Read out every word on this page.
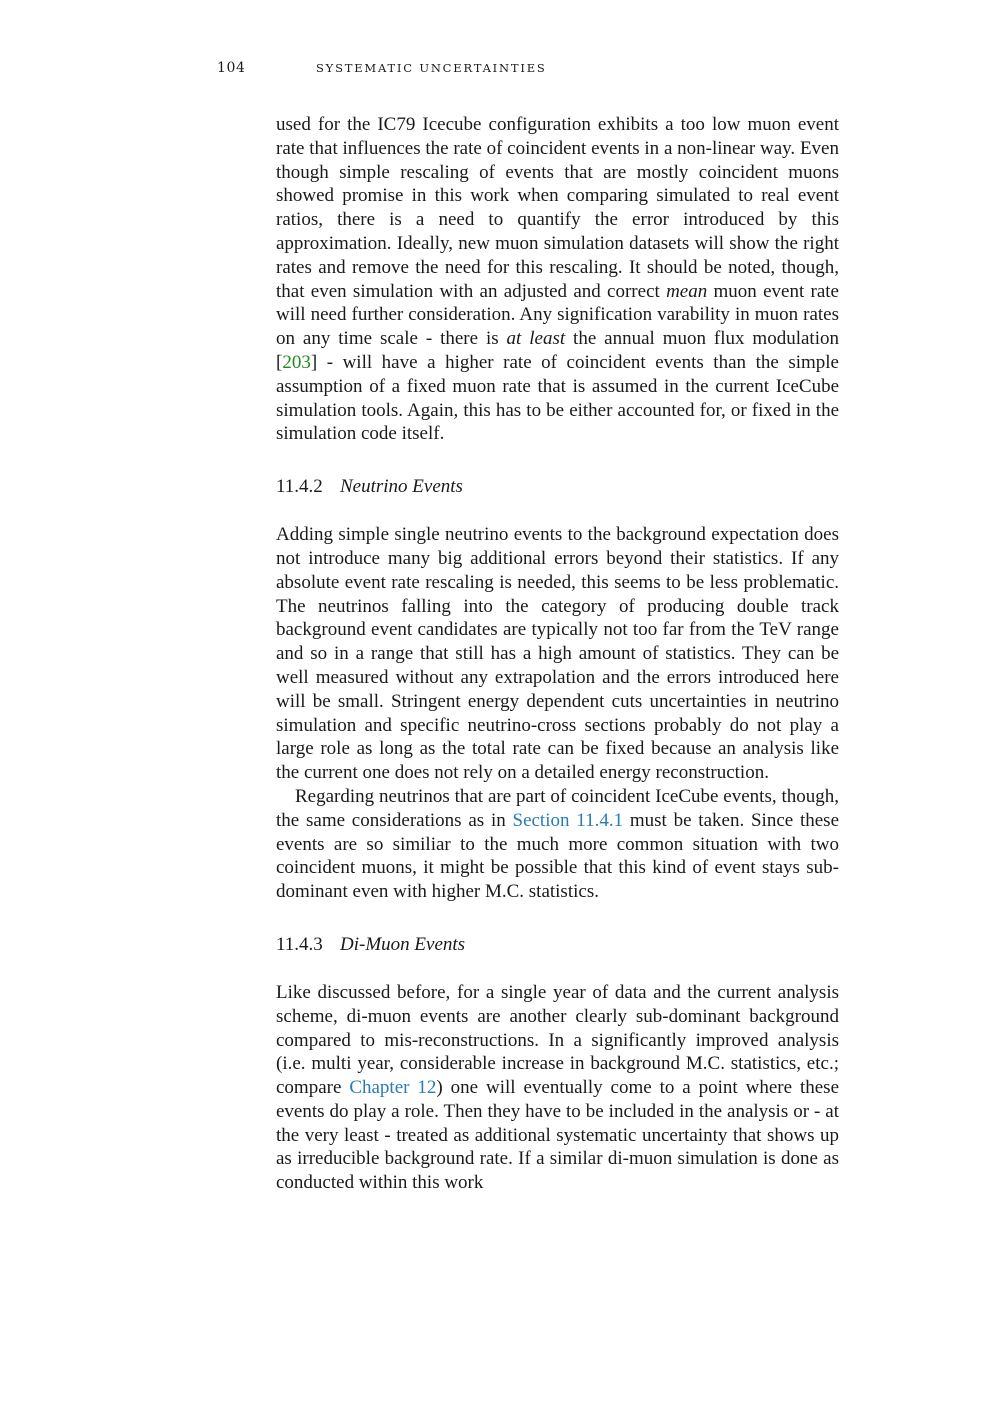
104	SYSTEMATIC UNCERTAINTIES

used for the IC79 Icecube configuration exhibits a too low muon event rate that influences the rate of coincident events in a non-linear way. Even though simple rescaling of events that are mostly coincident muons showed promise in this work when comparing simulated to real event ratios, there is a need to quantify the error introduced by this approximation. Ideally, new muon simulation datasets will show the right rates and remove the need for this rescaling. It should be noted, though, that even simulation with an adjusted and correct mean muon event rate will need further consideration. Any signification varability in muon rates on any time scale - there is at least the annual muon flux modulation [203] - will have a higher rate of coincident events than the simple assumption of a fixed muon rate that is assumed in the current IceCube simulation tools. Again, this has to be either accounted for, or fixed in the simulation code itself.

11.4.2 Neutrino Events

Adding simple single neutrino events to the background expectation does not introduce many big additional errors beyond their statistics. If any absolute event rate rescaling is needed, this seems to be less problematic. The neutrinos falling into the category of producing double track background event candidates are typically not too far from the TeV range and so in a range that still has a high amount of statistics. They can be well measured without any extrapolation and the errors introduced here will be small. Stringent energy dependent cuts uncertainties in neutrino simulation and specific neutrino-cross sections probably do not play a large role as long as the total rate can be fixed because an analysis like the current one does not rely on a detailed energy reconstruction.

Regarding neutrinos that are part of coincident IceCube events, though, the same considerations as in Section 11.4.1 must be taken. Since these events are so similiar to the much more common situation with two coincident muons, it might be possible that this kind of event stays sub-dominant even with higher M.C. statistics.

11.4.3 Di-Muon Events

Like discussed before, for a single year of data and the current analysis scheme, di-muon events are another clearly sub-dominant background compared to mis-reconstructions. In a significantly improved analysis (i.e. multi year, considerable increase in background M.C. statistics, etc.; compare Chapter 12) one will eventually come to a point where these events do play a role. Then they have to be included in the analysis or - at the very least - treated as additional systematic uncertainty that shows up as irreducible background rate. If a similar di-muon simulation is done as conducted within this work
